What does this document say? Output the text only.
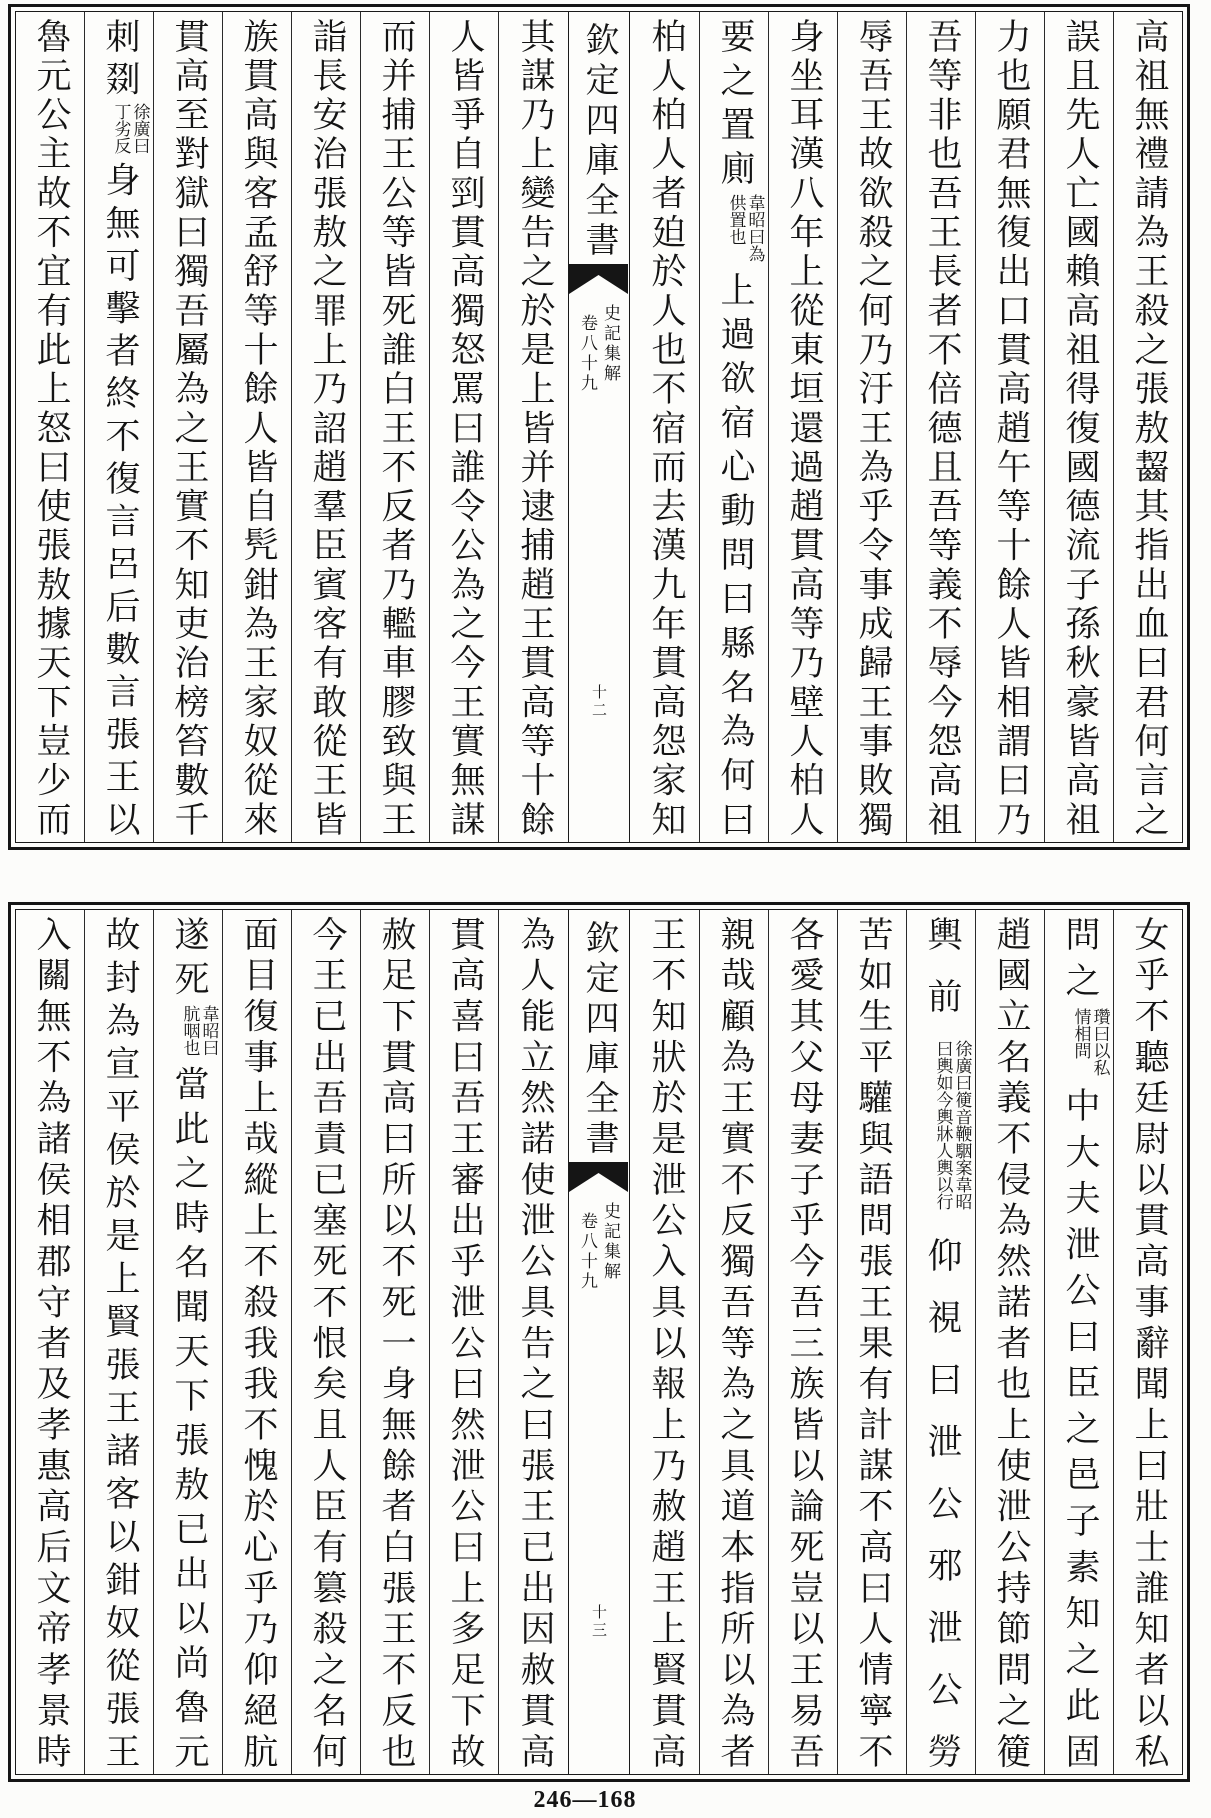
其謀乃上變告之於是上皆并逮捕趙王貫高等十餘
人皆爭自剄貫高獨怒罵曰誰令公為之今王實無謀
而并捕王公等皆死誰白王不反者乃轞車膠致與王
詣長安治張敖之罪上乃詔趙羣臣賓客有敢從王皆
族貫高與客孟舒等十餘人皆自髠鉗為王家奴從來
貫高至對獄曰獨吾屬為之王實不知吏治榜笞數千
刺剟
徐廣曰
丁劣反
身無可擊者終不復言呂后數言張王以
魯元公主故不宜有此上怒曰使張敖據天下豈少而	欽定四庫全書
史記集解
卷八十九
十二	高祖無禮請為王殺之張敖齧其指出血曰君何言之
誤且先人亡國賴高祖得復國德流子孫秋豪皆高祖
力也願君無復出口貫高趙午等十餘人皆相謂曰乃
吾等非也吾王長者不倍德且吾等義不辱今怨高祖
辱吾王故欲殺之何乃汙王為乎令事成歸王事敗獨
身坐耳漢八年上從東垣還過趙貫高等乃壁人柏人
要之置廁
韋昭曰為
供置也
上過欲宿心動問曰縣名為何曰
柏人柏人者廹於人也不宿而去漢九年貫高怨家知
為人能立然諾使泄公具告之曰張王已出因赦貫高
貫高喜曰吾王審出乎泄公曰然泄公曰上多足下故
赦足下貫高曰所以不死一身無餘者白張王不反也
今王已出吾責已塞死不恨矣且人臣有篡殺之名何
面目復事上哉縱上不殺我我不愧於心乎乃仰絕肮
遂死
韋昭曰
肮咽也
當此之時名聞天下張敖已出以尚魯元
故封為宣平侯於是上賢張王諸客以鉗奴從張王
入關無不為諸侯相郡守者及孝惠高后文帝孝景時	欽定四庫全書
史記集解
卷八十九
十三	女乎不聽廷尉以貫高事辭聞上曰壯士誰知者以私
問之
瓚曰以私
情相問
中大夫泄公曰臣之邑子素知之此固
趙國立名義不侵為然諾者也上使泄公持節問之箯
輿前
徐廣曰箯音鞭駰案韋昭
曰輿如今輿牀人輿以行
仰視曰泄公邪泄公勞
苦如生平驩與語問張王果有計謀不高曰人情寧不
各愛其父母妻子乎今吾三族皆以論死豈以王易吾
親哉顧為王實不反獨吾等為之具道本指所以為者
王不知狀於是泄公入具以報上乃赦趙王上賢貫高
246—168
